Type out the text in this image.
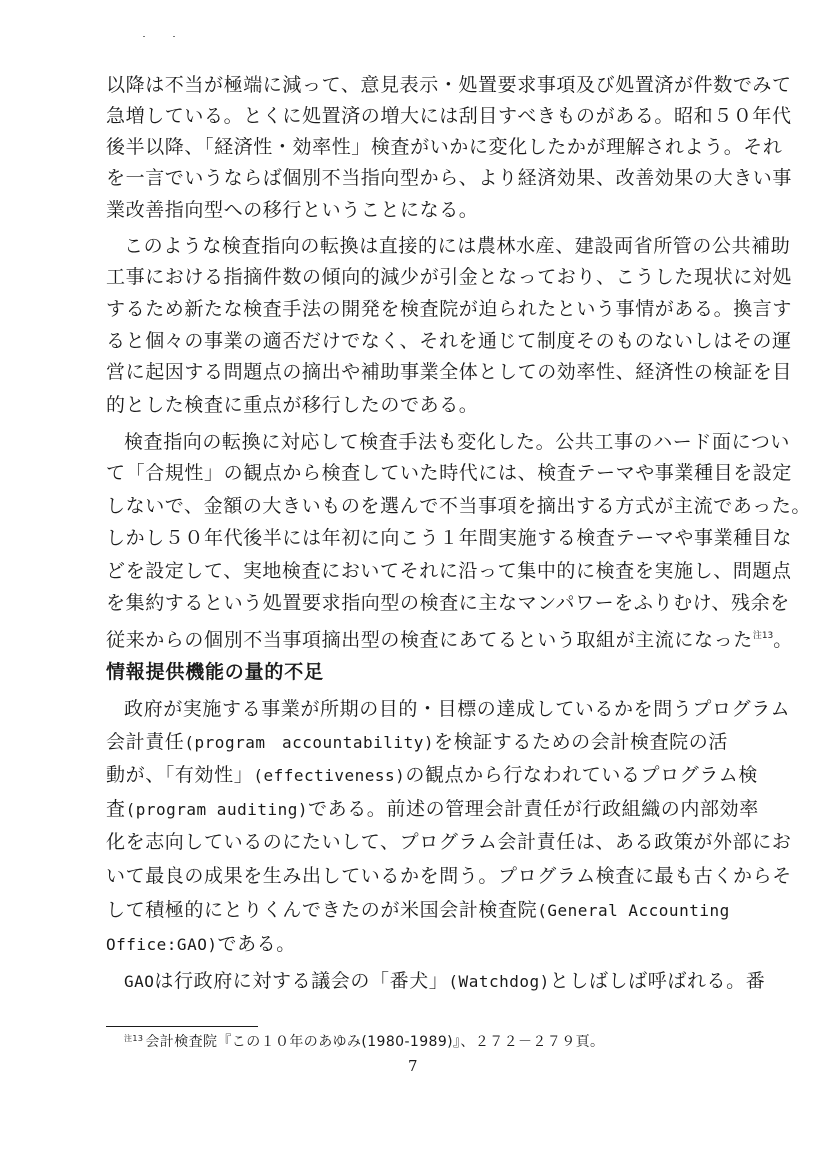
以降は不当が極端に減って、意見表示・処置要求事項及び処置済が件数でみて
急増している。とくに処置済の増大には刮目すべきものがある。昭和５０年代
後半以降、「経済性・効率性」検査がいかに変化したかが理解されよう。それ
を一言でいうならば個別不当指向型から、より経済効果、改善効果の大きい事
業改善指向型への移行ということになる。
このような検査指向の転換は直接的には農林水産、建設両省所管の公共補助
工事における指摘件数の傾向的減少が引金となっており、こうした現状に対処
するため新たな検査手法の開発を検査院が迫られたという事情がある。換言す
ると個々の事業の適否だけでなく、それを通じて制度そのものないしはその運
営に起因する問題点の摘出や補助事業全体としての効率性、経済性の検証を目
的とした検査に重点が移行したのである。
検査指向の転換に対応して検査手法も変化した。公共工事のハード面につい
て「合規性」の観点から検査していた時代には、検査テーマや事業種目を設定
しないで、金額の大きいものを選んで不当事項を摘出する方式が主流であった。
しかし５０年代後半には年初に向こう１年間実施する検査テーマや事業種目な
どを設定して、実地検査においてそれに沿って集中的に検査を実施し、問題点
を集約するという処置要求指向型の検査に主なマンパワーをふりむけ、残余を
従来からの個別不当事項摘出型の検査にあてるという取組が主流になった$^{注13}$。
情報提供機能の量的不足
政府が実施する事業が所期の目的・目標の達成しているかを問うプログラム
会計責任(program　accountability)を検証するための会計検査院の活
動が、「有効性」(effectiveness)の観点から行なわれているプログラム検
査(program auditing)である。前述の管理会計責任が行政組織の内部効率
化を志向しているのにたいして、プログラム会計責任は、ある政策が外部にお
いて最良の成果を生み出しているかを問う。プログラム検査に最も古くからそ
して積極的にとりくんできたのが米国会計検査院(General Accounting
Office:GAO)である。
GAOは行政府に対する議会の「番犬」(Watchdog)としばしば呼ばれる。番
$^{注13}$ 会計検査院『この１０年のあゆみ(1980-1989)』、２７２－２７９頁。
7
